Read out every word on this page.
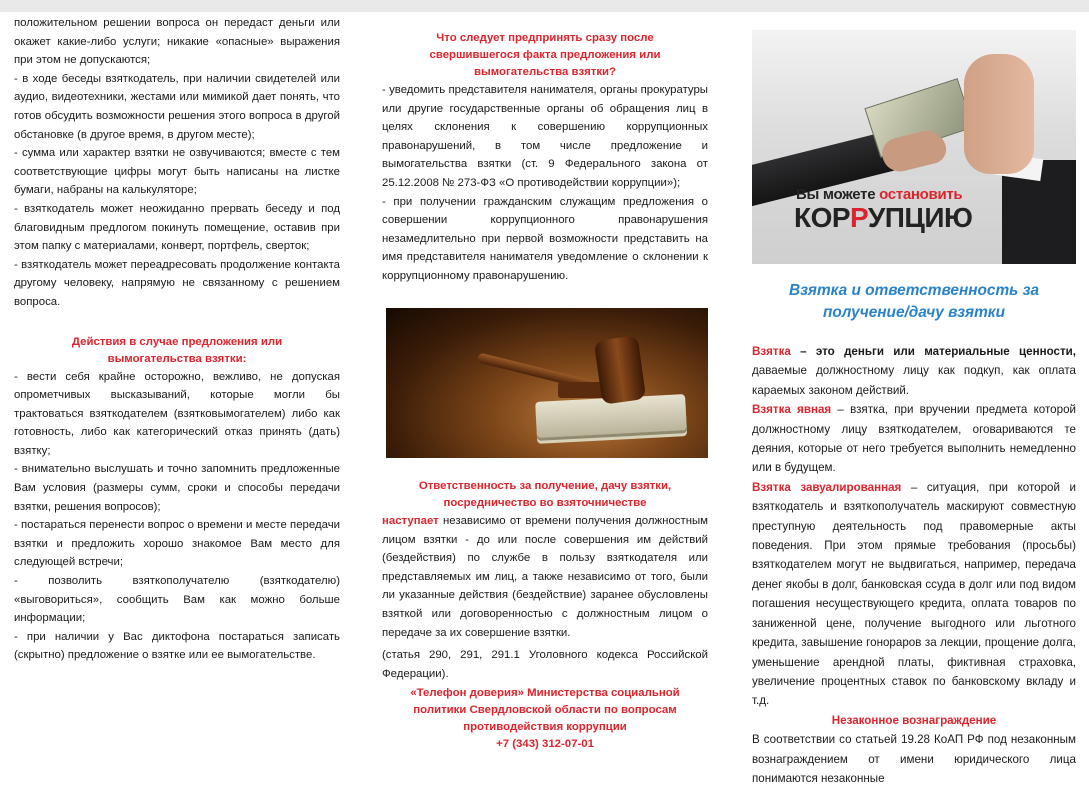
положительном решении вопроса он передаст деньги или окажет какие-либо услуги; никакие «опасные» выражения при этом не допускаются;

- в ходе беседы взяткодатель, при наличии свидетелей или аудио, видеотехники, жестами или мимикой дает понять, что готов обсудить возможности решения этого вопроса в другой обстановке (в другое время, в другом месте);

- сумма или характер взятки не озвучиваются; вместе с тем соответствующие цифры могут быть написаны на листке бумаги, набраны на калькуляторе;

- взяткодатель может неожиданно прервать беседу и под благовидным предлогом покинуть помещение, оставив при этом папку с материалами, конверт, портфель, сверток;

- взяткодатель может переадресовать продолжение контакта другому человеку, напрямую не связанному с решением вопроса.

Действия в случае предложения или вымогательства взятки:

- вести себя крайне осторожно, вежливо, не допуская опрометчивых высказываний, которые могли бы трактоваться взяткодателем (взятковымогателем) либо как готовность, либо как категорический отказ принять (дать) взятку;

- внимательно выслушать и точно запомнить предложенные Вам условия (размеры сумм, сроки и способы передачи взятки, решения вопросов);

- постараться перенести вопрос о времени и месте передачи взятки и предложить хорошо знакомое Вам место для следующей встречи;

- позволить взяткополучателю (взяткодателю) «выговориться», сообщить Вам как можно больше информации;

- при наличии у Вас диктофона постараться записать (скрытно) предложение о взятке или ее вымогательстве.

Что следует предпринять сразу после свершившегося факта предложения или вымогательства взятки?

- уведомить представителя нанимателя, органы прокуратуры или другие государственные органы об обращения лиц в целях склонения к совершению коррупционных правонарушений, в том числе предложение и вымогательства взятки (ст. 9 Федерального закона от 25.12.2008 № 273-ФЗ «О противодействии коррупции»);

- при получении гражданским служащим предложения о совершении коррупционного правонарушения незамедлительно при первой возможности представить на имя представителя нанимателя уведомление о склонении к коррупционному правонарушению.

Ответственность за получение, дачу взятки, посредничество во взяточничестве

наступает независимо от времени получения должностным лицом взятки - до или после совершения им действий (бездействия) по службе в пользу взяткодателя или представляемых им лиц, а также независимо от того, были ли указанные действия (бездействие) заранее обусловлены взяткой или договоренностью с должностным лицом о передаче за их совершение взятки.

(статья 290, 291, 291.1 Уголовного кодекса Российской Федерации).

«Телефон доверия» Министерства социальной политики Свердловской области по вопросам противодействия коррупции

+7 (343) 312-07-01

Вы можете остановить
КОРРУПЦИЮ
Взятка и ответственность за получение/дачу взятки

Взятка – это деньги или материальные ценности, даваемые должностному лицу как подкуп, как оплата караемых законом действий.

Взятка явная – взятка, при вручении предмета которой должностному лицу взяткодателем, оговариваются те деяния, которые от него требуется выполнить немедленно или в будущем.

Взятка завуалированная – ситуация, при которой и взяткодатель и взяткополучатель маскируют совместную преступную деятельность под правомерные акты поведения. При этом прямые требования (просьбы) взяткодателем могут не выдвигаться, например, передача денег якобы в долг, банковская ссуда в долг или под видом погашения несуществующего кредита, оплата товаров по заниженной цене, получение выгодного или льготного кредита, завышение гонораров за лекции, прощение долга, уменьшение арендной платы, фиктивная страховка, увеличение процентных ставок по банковскому вкладу и т.д.

Незаконное вознаграждение

В соответствии со статьей 19.28 КоАП РФ под незаконным вознаграждением от имени юридического лица понимаются незаконные
